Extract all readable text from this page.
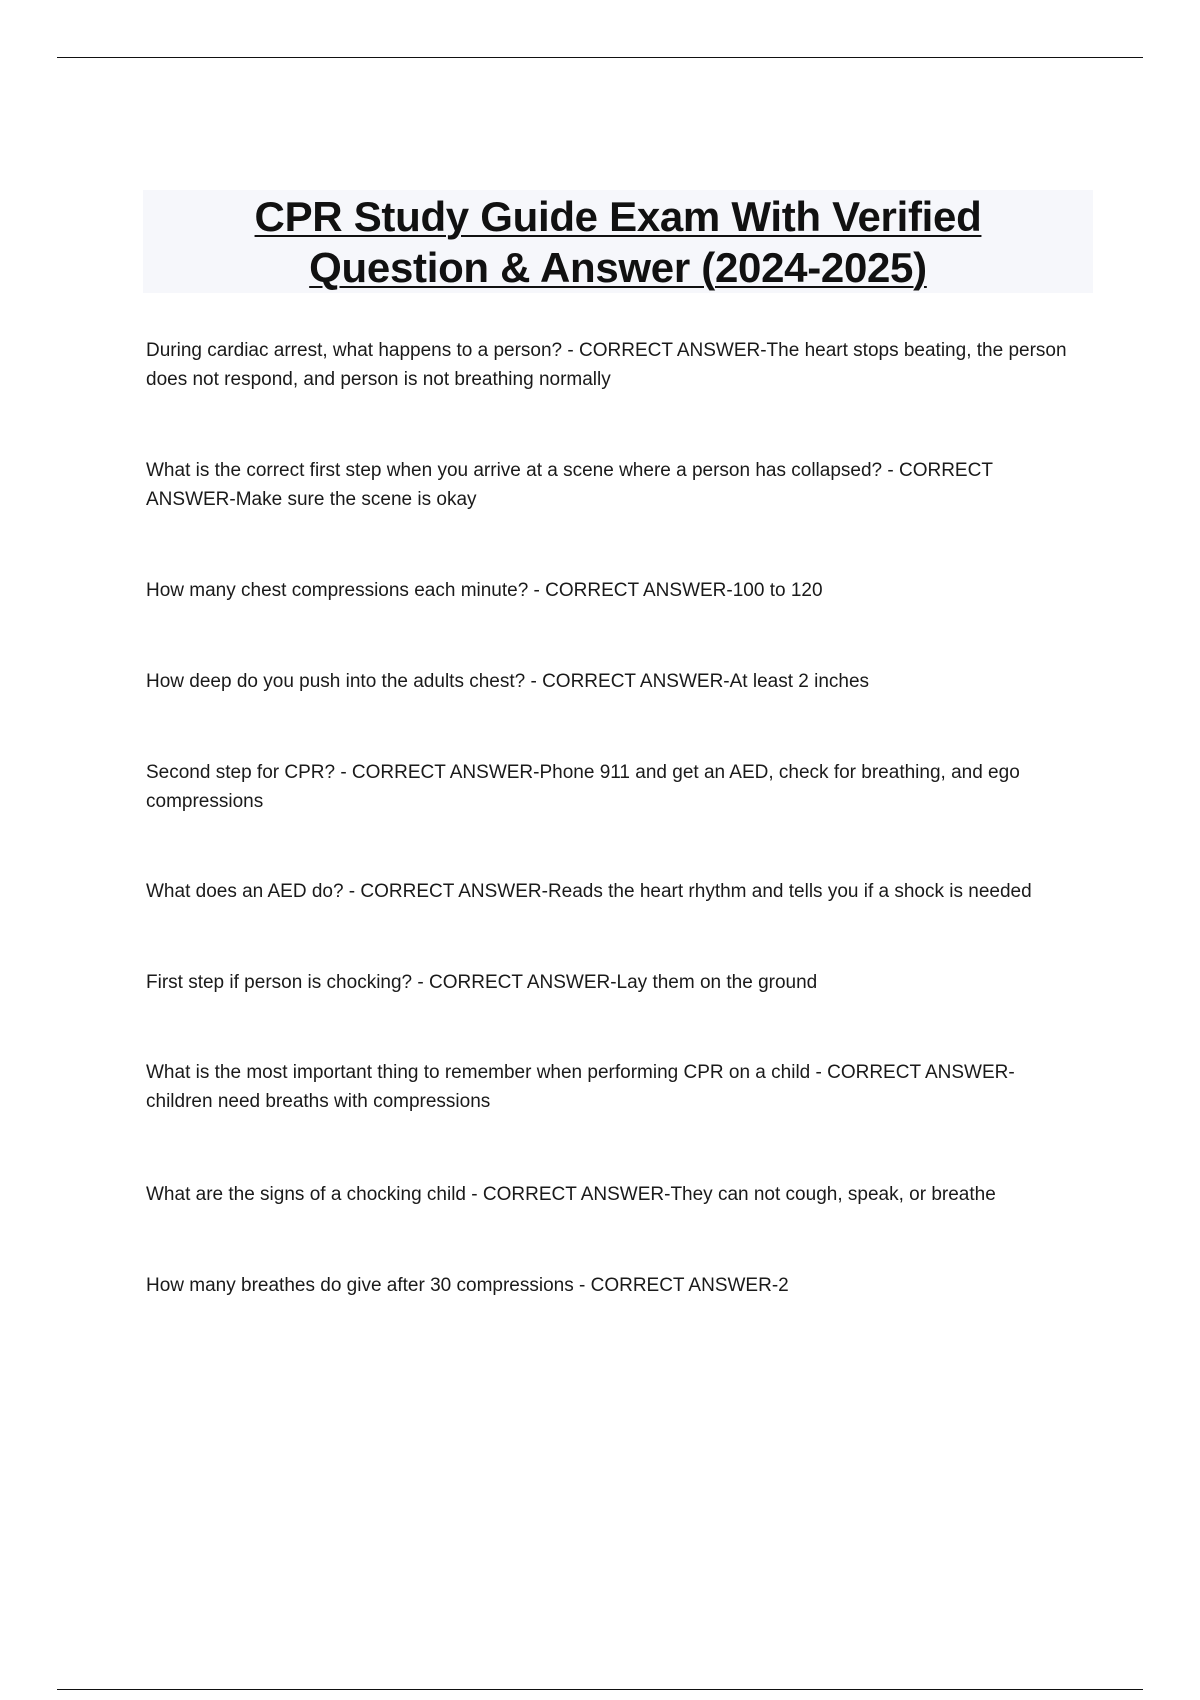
CPR Study Guide Exam With Verified
Question & Answer (2024-2025)
During cardiac arrest, what happens to a person? - CORRECT ANSWER-The heart stops beating, the person does not respond, and person is not breathing normally
What is the correct first step when you arrive at a scene where a person has collapsed? - CORRECT ANSWER-Make sure the scene is okay
How many chest compressions each minute? - CORRECT ANSWER-100 to 120
How deep do you push into the adults chest? - CORRECT ANSWER-At least 2 inches
Second step for CPR? - CORRECT ANSWER-Phone 911 and get an AED, check for breathing, and ego compressions
What does an AED do? - CORRECT ANSWER-Reads the heart rhythm and tells you if a shock is needed
First step if person is chocking? - CORRECT ANSWER-Lay them on the ground
What is the most important thing to remember when performing CPR on a child - CORRECT ANSWER-children need breaths with compressions
What are the signs of a chocking child - CORRECT ANSWER-They can not cough, speak, or breathe
How many breathes do give after 30 compressions - CORRECT ANSWER-2
